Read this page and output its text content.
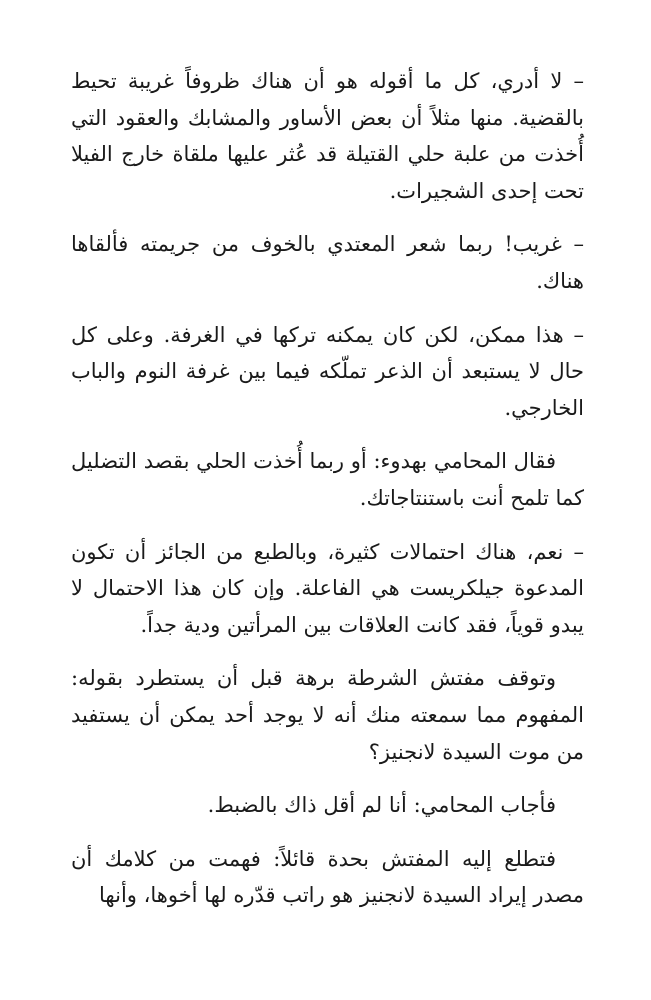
– لا أدري، كل ما أقوله هو أن هناك ظروفاً غريبة تحيط بالقضية. منها مثلاً أن بعض الأساور والمشابك والعقود التي أُخذت من علبة حلي القتيلة قد عُثر عليها ملقاة خارج الفيلا تحت إحدى الشجيرات.

– غريب! ربما شعر المعتدي بالخوف من جريمته فألقاها هناك.

– هذا ممكن، لكن كان يمكنه تركها في الغرفة. وعلى كل حال لا يستبعد أن الذعر تملّكه فيما بين غرفة النوم والباب الخارجي.

فقال المحامي بهدوء: أو ربما أُخذت الحلي بقصد التضليل كما تلمح أنت باستنتاجاتك.

– نعم، هناك احتمالات كثيرة، وبالطبع من الجائز أن تكون المدعوة جيلكريست هي الفاعلة. وإن كان هذا الاحتمال لا يبدو قوياً، فقد كانت العلاقات بين المرأتين ودية جداً.

وتوقف مفتش الشرطة برهة قبل أن يستطرد بقوله: المفهوم مما سمعته منك أنه لا يوجد أحد يمكن أن يستفيد من موت السيدة لانجنيز؟

فأجاب المحامي: أنا لم أقل ذاك بالضبط.

فتطلع إليه المفتش بحدة قائلاً: فهمت من كلامك أن مصدر إيراد السيدة لانجنيز هو راتب قدّره لها أخوها، وأنها
